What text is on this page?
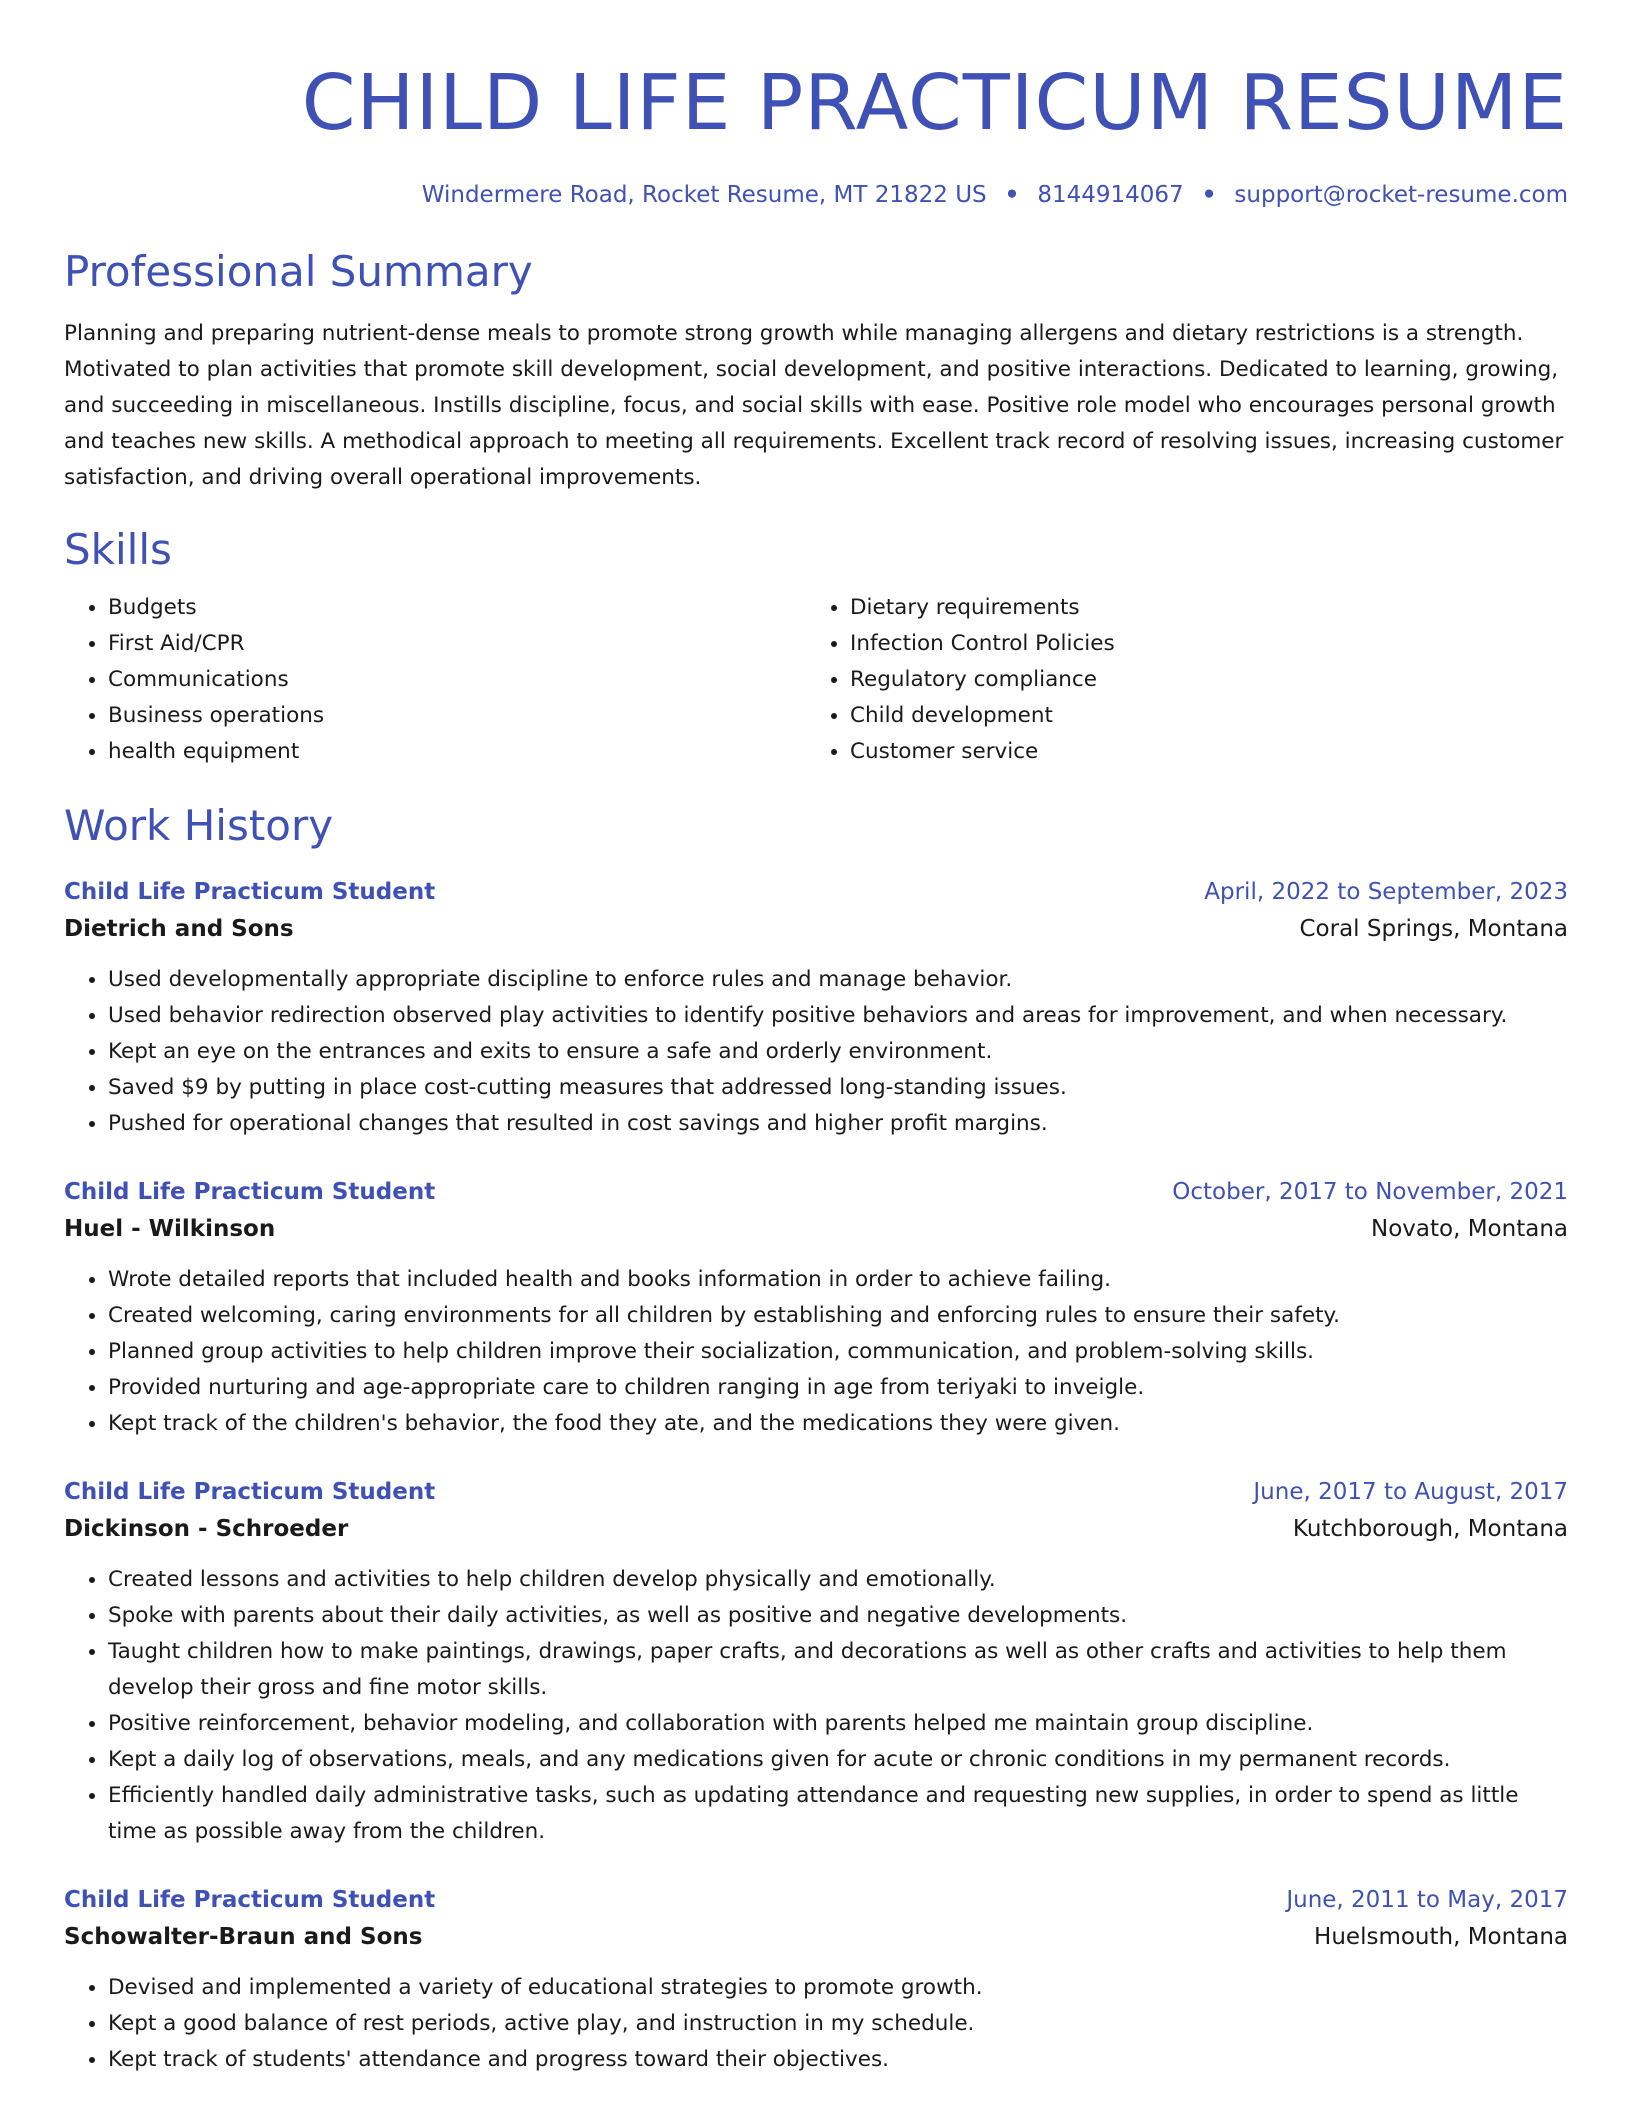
CHILD LIFE PRACTICUM RESUME
Windermere Road, Rocket Resume, MT 21822 US • 8144914067 • support@rocket-resume.com
Professional Summary
Planning and preparing nutrient-dense meals to promote strong growth while managing allergens and dietary restrictions is a strength. Motivated to plan activities that promote skill development, social development, and positive interactions. Dedicated to learning, growing, and succeeding in miscellaneous. Instills discipline, focus, and social skills with ease. Positive role model who encourages personal growth and teaches new skills. A methodical approach to meeting all requirements. Excellent track record of resolving issues, increasing customer satisfaction, and driving overall operational improvements.
Skills
• Budgets
• First Aid/CPR
• Communications
• Business operations
• health equipment
• Dietary requirements
• Infection Control Policies
• Regulatory compliance
• Child development
• Customer service
Work History
Child Life Practicum Student	April, 2022 to September, 2023
Dietrich and Sons	Coral Springs, Montana
• Used developmentally appropriate discipline to enforce rules and manage behavior.
• Used behavior redirection observed play activities to identify positive behaviors and areas for improvement, and when necessary.
• Kept an eye on the entrances and exits to ensure a safe and orderly environment.
• Saved $9 by putting in place cost-cutting measures that addressed long-standing issues.
• Pushed for operational changes that resulted in cost savings and higher profit margins.
Child Life Practicum Student	October, 2017 to November, 2021
Huel - Wilkinson	Novato, Montana
• Wrote detailed reports that included health and books information in order to achieve failing.
• Created welcoming, caring environments for all children by establishing and enforcing rules to ensure their safety.
• Planned group activities to help children improve their socialization, communication, and problem-solving skills.
• Provided nurturing and age-appropriate care to children ranging in age from teriyaki to inveigle.
• Kept track of the children's behavior, the food they ate, and the medications they were given.
Child Life Practicum Student	June, 2017 to August, 2017
Dickinson - Schroeder	Kutchborough, Montana
• Created lessons and activities to help children develop physically and emotionally.
• Spoke with parents about their daily activities, as well as positive and negative developments.
• Taught children how to make paintings, drawings, paper crafts, and decorations as well as other crafts and activities to help them develop their gross and fine motor skills.
• Positive reinforcement, behavior modeling, and collaboration with parents helped me maintain group discipline.
• Kept a daily log of observations, meals, and any medications given for acute or chronic conditions in my permanent records.
• Efficiently handled daily administrative tasks, such as updating attendance and requesting new supplies, in order to spend as little time as possible away from the children.
Child Life Practicum Student	June, 2011 to May, 2017
Schowalter-Braun and Sons	Huelsmouth, Montana
• Devised and implemented a variety of educational strategies to promote growth.
• Kept a good balance of rest periods, active play, and instruction in my schedule.
• Kept track of students' attendance and progress toward their objectives.
